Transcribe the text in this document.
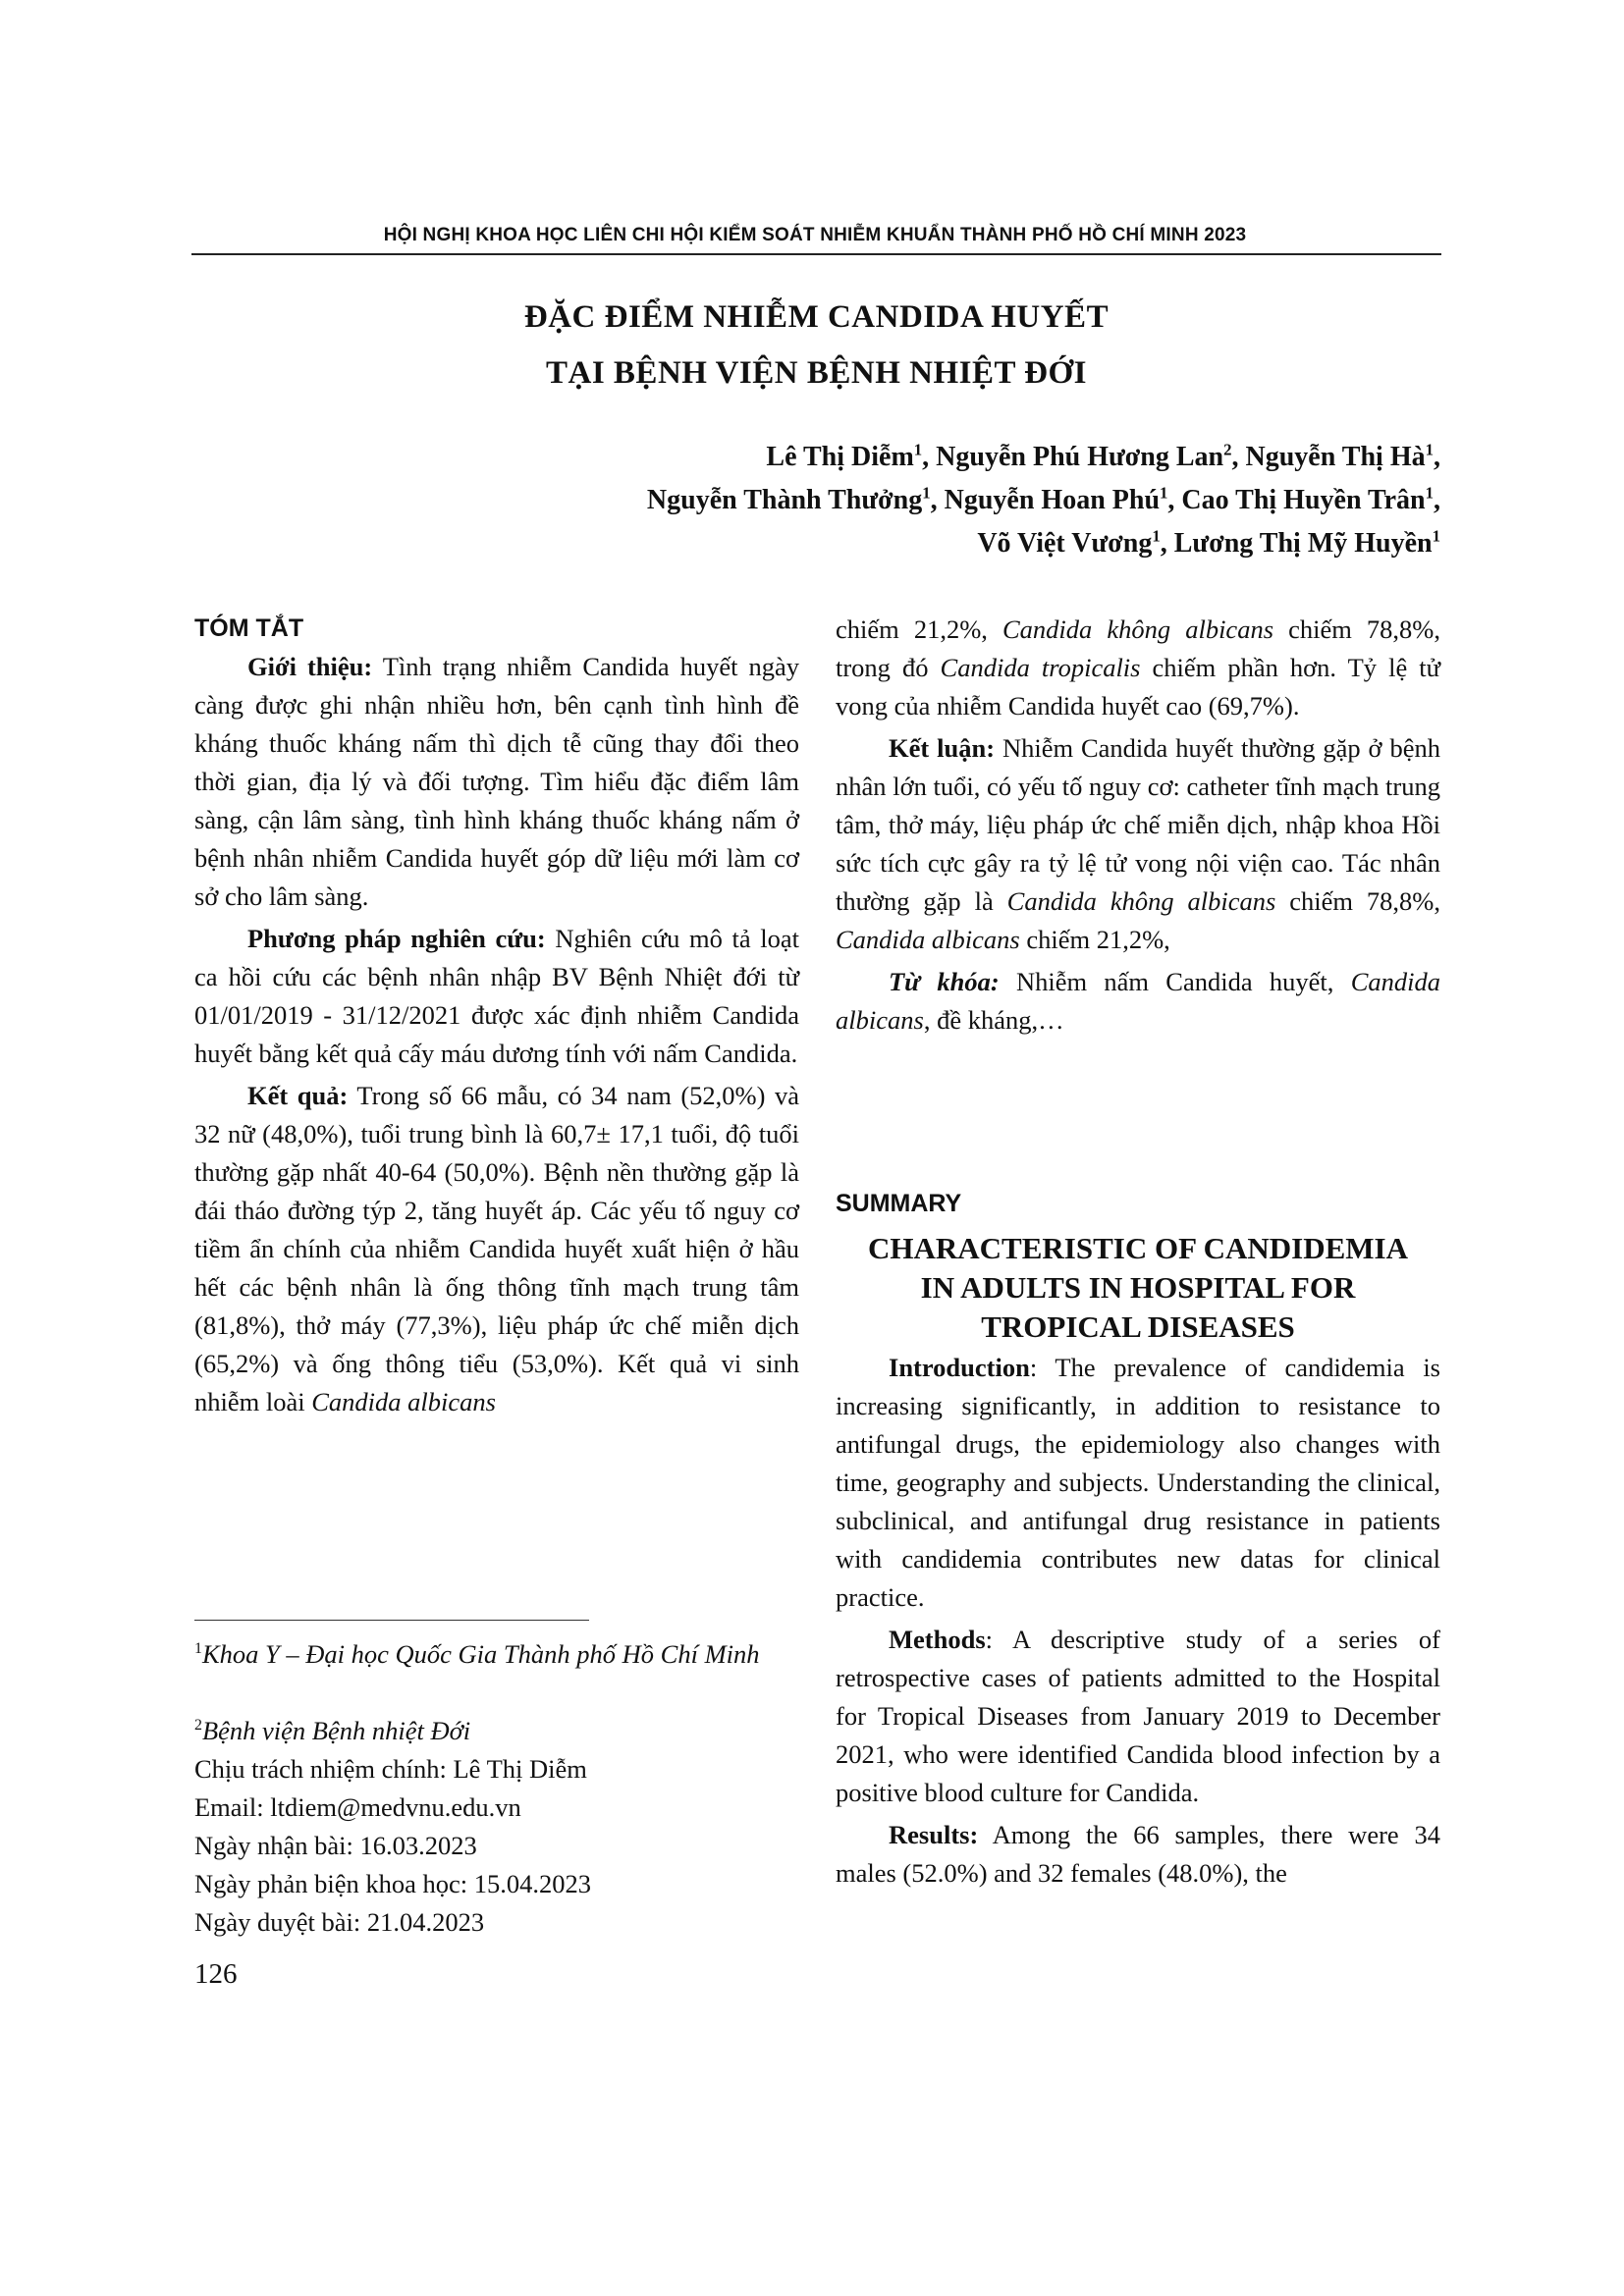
HỘI NGHỊ KHOA HỌC LIÊN CHI HỘI KIỂM SOÁT NHIỄM KHUẨN THÀNH PHỐ HỒ CHÍ MINH 2023
ĐẶC ĐIỂM NHIỄM CANDIDA HUYẾT
TẠI BỆNH VIỆN BỆNH NHIỆT ĐỚI
Lê Thị Diễm$^1$, Nguyễn Phú Hương Lan$^2$, Nguyễn Thị $Hà^1$,
Nguyễn Thành Thưởng$^1$, Nguyễn Hoan Phú$^1$, Cao Thị Huyền Trân$^1$,
Võ Việt Vương$^1$, Lương Thị Mỹ Huyền$^1$
TÓM TẮT

Giới thiệu: Tình trạng nhiễm Candida huyết ngày càng được ghi nhận nhiều hơn, bên cạnh tình hình đề kháng thuốc kháng nấm thì dịch tễ cũng thay đổi theo thời gian, địa lý và đối tượng. Tìm hiểu đặc điểm lâm sàng, cận lâm sàng, tình hình kháng thuốc kháng nấm ở bệnh nhân nhiễm Candida huyết góp dữ liệu mới làm cơ sở cho lâm sàng.

Phương pháp nghiên cứu: Nghiên cứu mô tả loạt ca hồi cứu các bệnh nhân nhập BV Bệnh Nhiệt đới từ 01/01/2019 - 31/12/2021 được xác định nhiễm Candida huyết bằng kết quả cấy máu dương tính với nấm Candida.

Kết quả: Trong số 66 mẫu, có 34 nam (52,0%) và 32 nữ (48,0%), tuổi trung bình là 60,7± 17,1 tuổi, độ tuổi thường gặp nhất 40-64 (50,0%). Bệnh nền thường gặp là đái tháo đường týp 2, tăng huyết áp. Các yếu tố nguy cơ tiềm ẩn chính của nhiễm Candida huyết xuất hiện ở hầu hết các bệnh nhân là ống thông tĩnh mạch trung tâm (81,8%), thở máy (77,3%), liệu pháp ức chế miễn dịch (65,2%) và ống thông tiểu (53,0%). Kết quả vi sinh nhiễm loài Candida albicans

$^1$Khoa Y – Đại học Quốc Gia Thành phố Hồ Chí Minh
$^2$Bệnh viện Bệnh nhiệt Đới
Chịu trách nhiệm chính: Lê Thị Diễm
Email: ltdiem@medvnu.edu.vn
Ngày nhận bài: 16.03.2023
Ngày phản biện khoa học: 15.04.2023
Ngày duyệt bài: 21.04.2023
126

chiếm 21,2%, Candida không albicans chiếm 78,8%, trong đó Candida tropicalis chiếm phần hơn. Tỷ lệ tử vong của nhiễm Candida huyết cao (69,7%).

Kết luận: Nhiễm Candida huyết thường gặp ở bệnh nhân lớn tuổi, có yếu tố nguy cơ: catheter tĩnh mạch trung tâm, thở máy, liệu pháp ức chế miễn dịch, nhập khoa Hồi sức tích cực gây ra tỷ lệ tử vong nội viện cao. Tác nhân thường gặp là Candida không albicans chiếm 78,8%, Candida albicans chiếm 21,2%,

Từ khóa: Nhiễm nấm Candida huyết, Candida albicans, đề kháng,…

SUMMARY
CHARACTERISTIC OF CANDIDEMIA
IN ADULTS IN HOSPITAL FOR
TROPICAL DISEASES

Introduction: The prevalence of candidemia is increasing significantly, in addition to resistance to antifungal drugs, the epidemiology also changes with time, geography and subjects. Understanding the clinical, subclinical, and antifungal drug resistance in patients with candidemia contributes new datas for clinical practice.

Methods: A descriptive study of a series of retrospective cases of patients admitted to the Hospital for Tropical Diseases from January 2019 to December 2021, who were identified Candida blood infection by a positive blood culture for Candida.

Results: Among the 66 samples, there were 34 males (52.0%) and 32 females (48.0%), the
